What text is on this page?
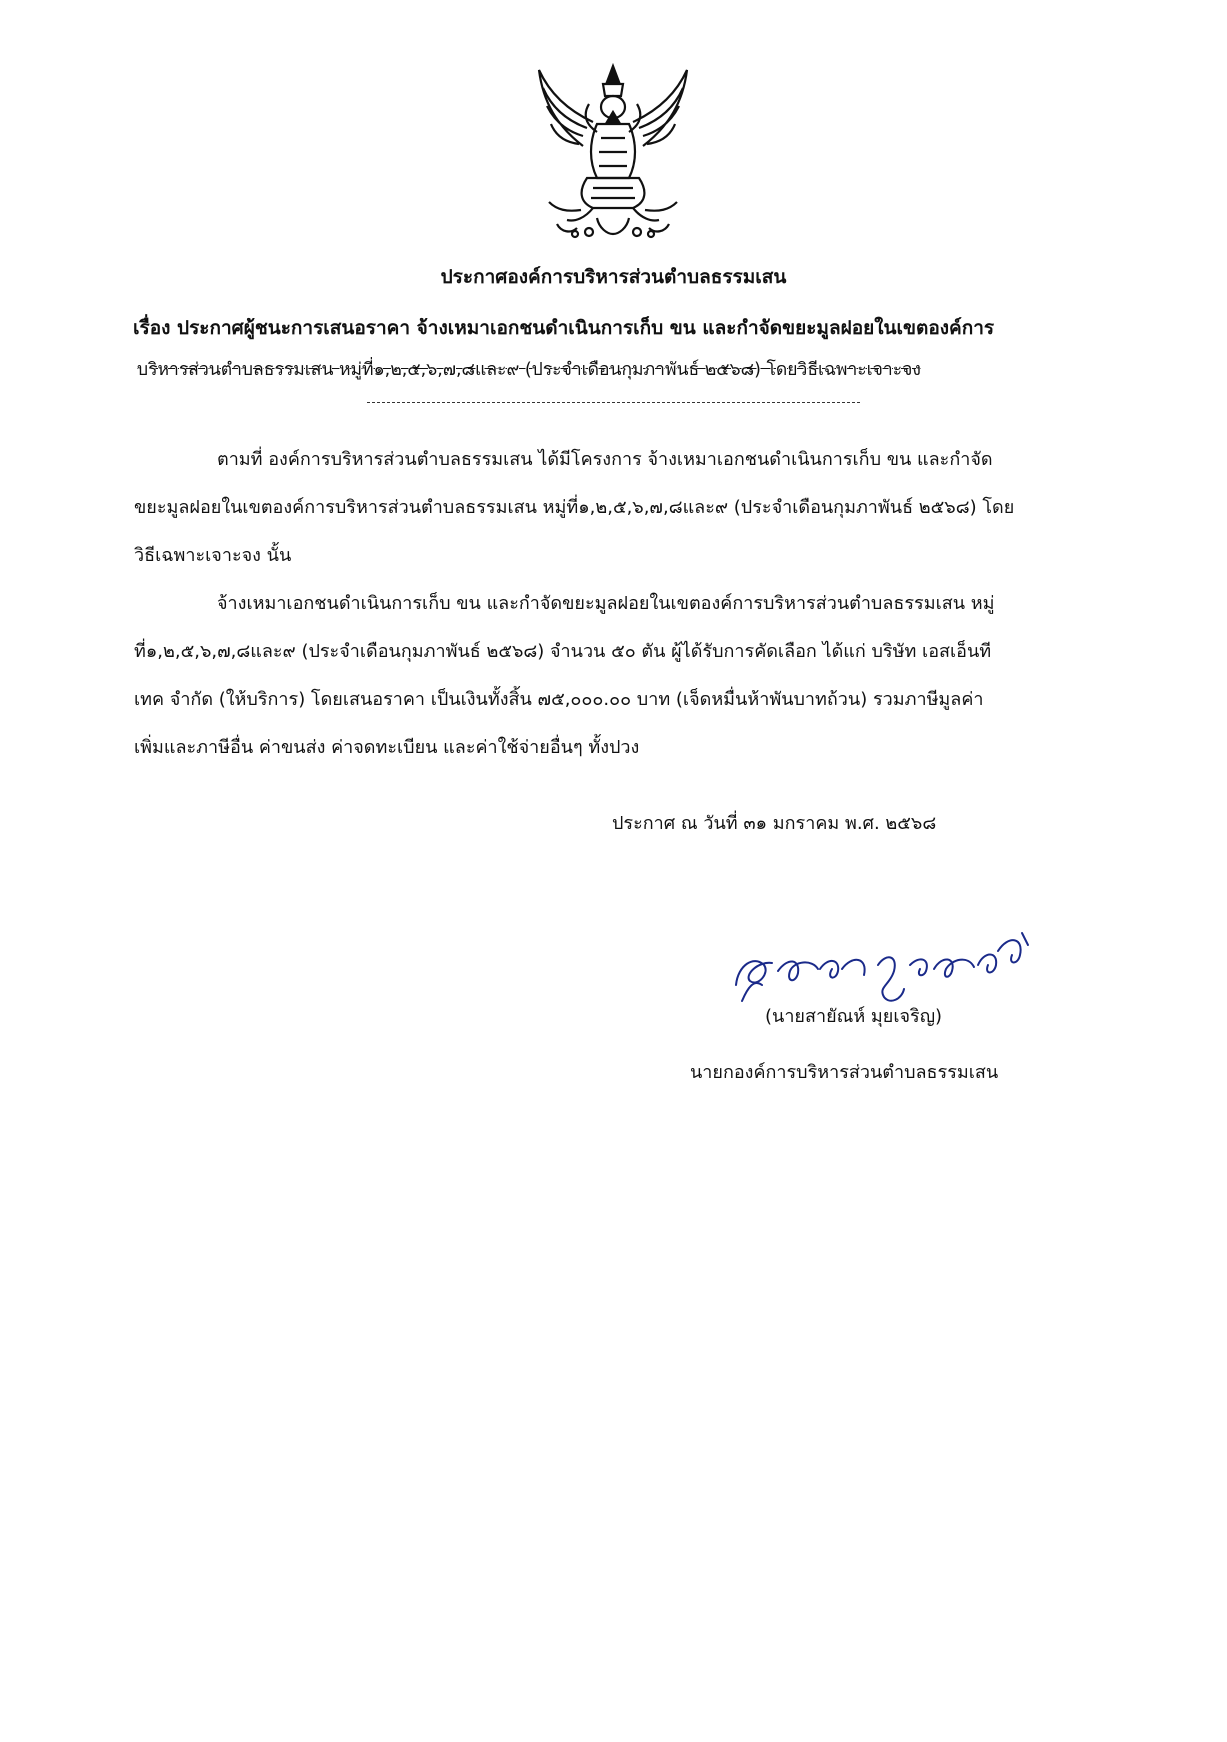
ประกาศองค์การบริหารส่วนตำบลธรรมเสน
เรื่อง ประกาศผู้ชนะการเสนอราคา จ้างเหมาเอกชนดำเนินการเก็บ ขน และกำจัดขยะมูลฝอยในเขตองค์การ
บริหารส่วนตำบลธรรมเสน หมู่ที่๑,๒,๕,๖,๗,๘และ๙ (ประจำเดือนกุมภาพันธ์ ๒๕๖๘) โดยวิธีเฉพาะเจาะจง
ตามที่ องค์การบริหารส่วนตำบลธรรมเสน ได้มีโครงการ จ้างเหมาเอกชนดำเนินการเก็บ ขน และกำจัด
ขยะมูลฝอยในเขตองค์การบริหารส่วนตำบลธรรมเสน หมู่ที่๑,๒,๕,๖,๗,๘และ๙ (ประจำเดือนกุมภาพันธ์ ๒๕๖๘) โดย
วิธีเฉพาะเจาะจง นั้น
จ้างเหมาเอกชนดำเนินการเก็บ ขน และกำจัดขยะมูลฝอยในเขตองค์การบริหารส่วนตำบลธรรมเสน หมู่
ที่๑,๒,๕,๖,๗,๘และ๙ (ประจำเดือนกุมภาพันธ์ ๒๕๖๘) จำนวน ๕๐ ตัน ผู้ได้รับการคัดเลือก ได้แก่ บริษัท เอสเอ็นที
เทค จำกัด (ให้บริการ) โดยเสนอราคา เป็นเงินทั้งสิ้น ๗๕,๐๐๐.๐๐ บาท (เจ็ดหมื่นห้าพันบาทถ้วน) รวมภาษีมูลค่า
เพิ่มและภาษีอื่น ค่าขนส่ง ค่าจดทะเบียน และค่าใช้จ่ายอื่นๆ ทั้งปวง
ประกาศ ณ วันที่ ๓๑ มกราคม พ.ศ. ๒๕๖๘
(นายสายัณห์ มุยเจริญ)
นายกองค์การบริหารส่วนตำบลธรรมเสน
